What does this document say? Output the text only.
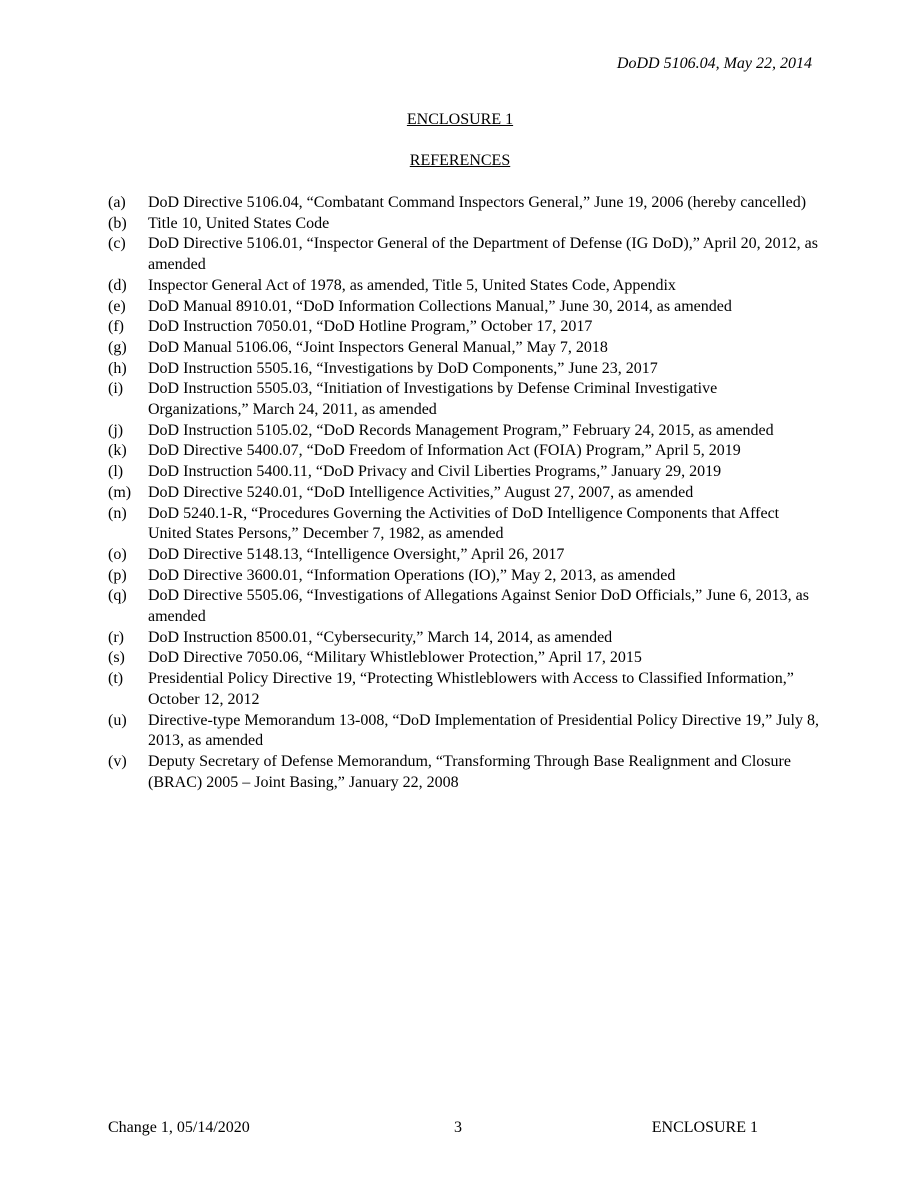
DoDD 5106.04, May 22, 2014
ENCLOSURE 1
REFERENCES
(a) DoD Directive 5106.04, “Combatant Command Inspectors General,” June 19, 2006 (hereby cancelled)
(b) Title 10, United States Code
(c) DoD Directive 5106.01, “Inspector General of the Department of Defense (IG DoD),” April 20, 2012, as amended
(d) Inspector General Act of 1978, as amended, Title 5, United States Code, Appendix
(e) DoD Manual 8910.01, “DoD Information Collections Manual,” June 30, 2014, as amended
(f) DoD Instruction 7050.01, “DoD Hotline Program,” October 17, 2017
(g) DoD Manual 5106.06, “Joint Inspectors General Manual,” May 7, 2018
(h) DoD Instruction 5505.16, “Investigations by DoD Components,” June 23, 2017
(i) DoD Instruction 5505.03, “Initiation of Investigations by Defense Criminal Investigative Organizations,” March 24, 2011, as amended
(j) DoD Instruction 5105.02, “DoD Records Management Program,” February 24, 2015, as amended
(k) DoD Directive 5400.07, “DoD Freedom of Information Act (FOIA) Program,” April 5, 2019
(l) DoD Instruction 5400.11, “DoD Privacy and Civil Liberties Programs,” January 29, 2019
(m) DoD Directive 5240.01, “DoD Intelligence Activities,” August 27, 2007, as amended
(n) DoD 5240.1-R, “Procedures Governing the Activities of DoD Intelligence Components that Affect United States Persons,” December 7, 1982, as amended
(o) DoD Directive 5148.13, “Intelligence Oversight,” April 26, 2017
(p) DoD Directive 3600.01, “Information Operations (IO),” May 2, 2013, as amended
(q) DoD Directive 5505.06, “Investigations of Allegations Against Senior DoD Officials,” June 6, 2013, as amended
(r) DoD Instruction 8500.01, “Cybersecurity,” March 14, 2014, as amended
(s) DoD Directive 7050.06, “Military Whistleblower Protection,” April 17, 2015
(t) Presidential Policy Directive 19, “Protecting Whistleblowers with Access to Classified Information,” October 12, 2012
(u) Directive-type Memorandum 13-008, “DoD Implementation of Presidential Policy Directive 19,” July 8, 2013, as amended
(v) Deputy Secretary of Defense Memorandum, “Transforming Through Base Realignment and Closure (BRAC) 2005 – Joint Basing,” January 22, 2008
Change 1, 05/14/2020	3	ENCLOSURE 1
